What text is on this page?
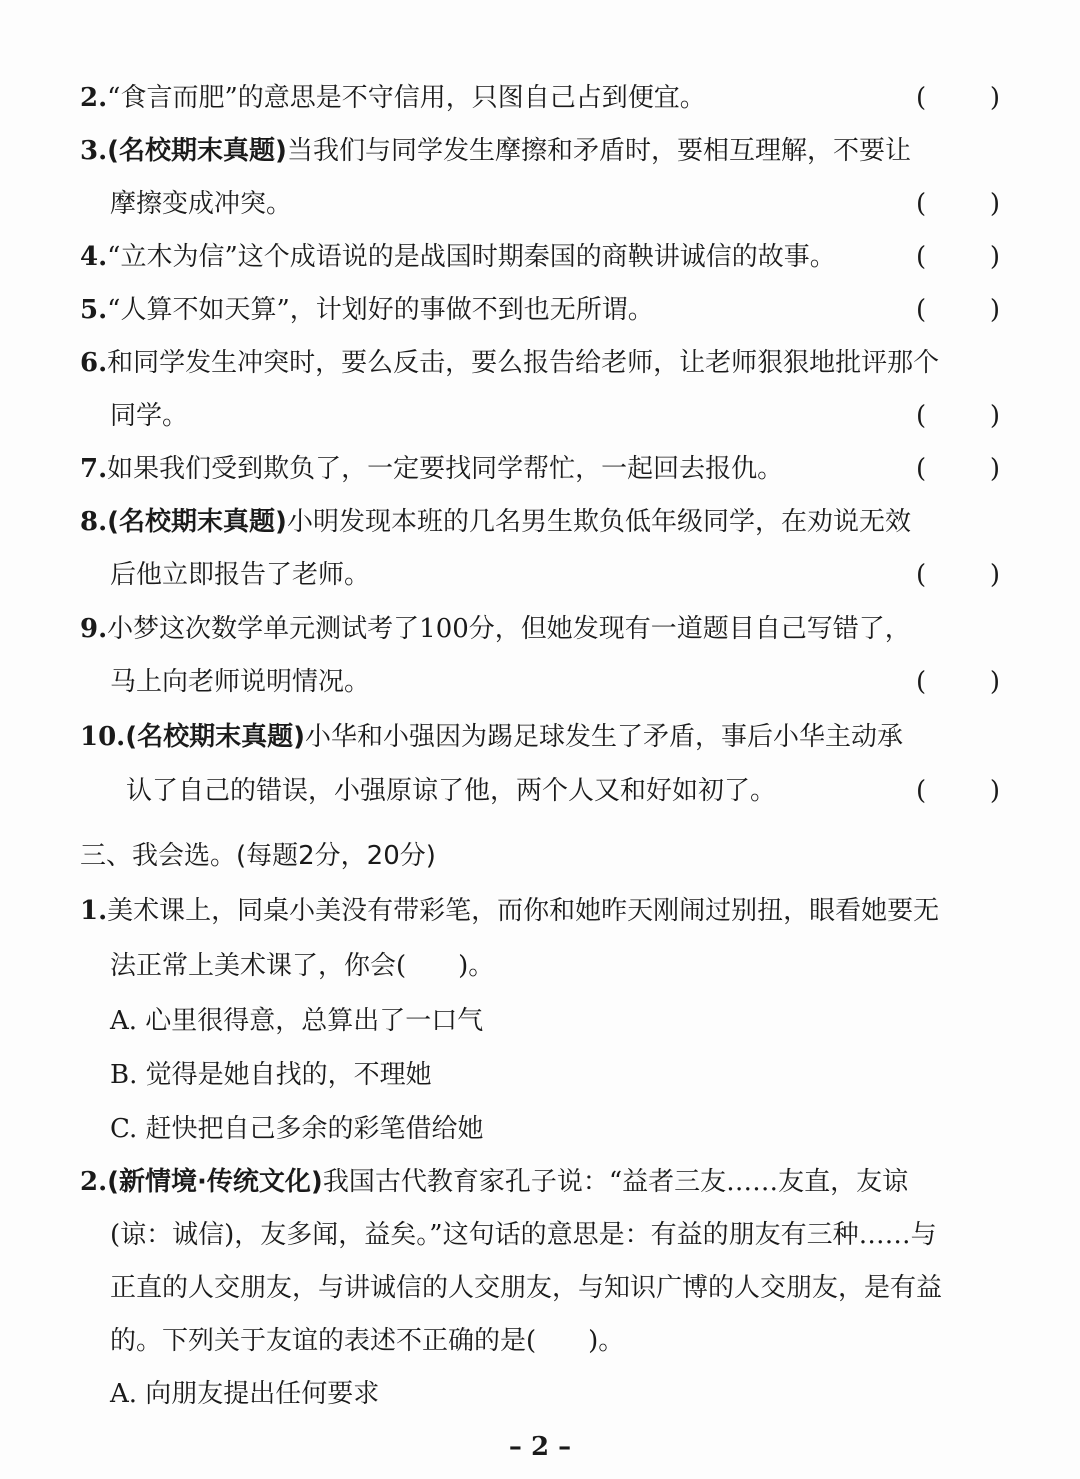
2.“食言而肥”的意思是不守信用，只图自己占到便宜。	( )
3.(名校期末真题)当我们与同学发生摩擦和矛盾时，要相互理解，不要让
摩擦变成冲突。	( )
4.“立木为信”这个成语说的是战国时期秦国的商鞅讲诚信的故事。	( )
5.“人算不如天算”，计划好的事做不到也无所谓。	( )
6.和同学发生冲突时，要么反击，要么报告给老师，让老师狠狠地批评那个
同学。	( )
7.如果我们受到欺负了，一定要找同学帮忙，一起回去报仇。	( )
8.(名校期末真题)小明发现本班的几名男生欺负低年级同学，在劝说无效
后他立即报告了老师。	( )
9.小梦这次数学单元测试考了100分，但她发现有一道题目自己写错了，
马上向老师说明情况。	( )
10.(名校期末真题)小华和小强因为踢足球发生了矛盾，事后小华主动承
认了自己的错误，小强原谅了他，两个人又和好如初了。	( )
三、我会选。(每题2分，20分)
1.美术课上，同桌小美没有带彩笔，而你和她昨天刚闹过别扭，眼看她要无
法正常上美术课了，你会(　　)。
A. 心里很得意，总算出了一口气
B. 觉得是她自找的，不理她
C. 赶快把自己多余的彩笔借给她
2.(新情境·传统文化)我国古代教育家孔子说：“益者三友……友直，友谅
(谅：诚信)，友多闻，益矣。”这句话的意思是：有益的朋友有三种……与
正直的人交朋友，与讲诚信的人交朋友，与知识广博的人交朋友，是有益
的。下列关于友谊的表述不正确的是(　　)。
A. 向朋友提出任何要求
– 2 –
